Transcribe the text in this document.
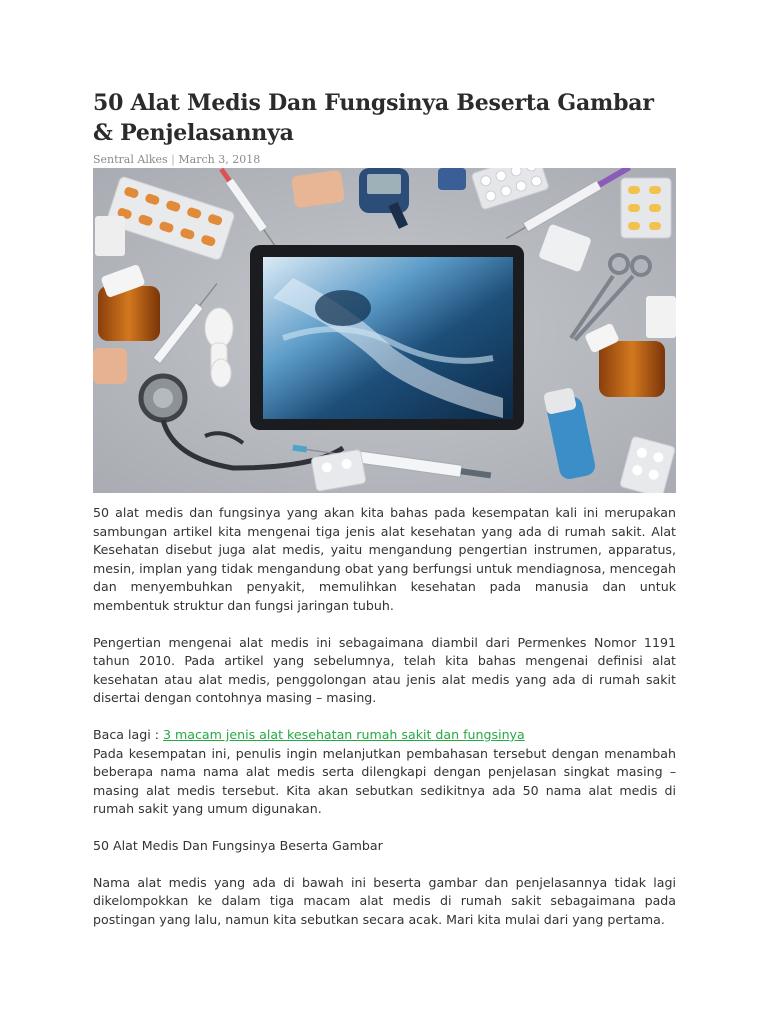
50 Alat Medis Dan Fungsinya Beserta Gambar & Penjelasannya
Sentral Alkes | March 3, 2018

50 alat medis dan fungsinya yang akan kita bahas pada kesempatan kali ini merupakan sambungan artikel kita mengenai tiga jenis alat kesehatan yang ada di rumah sakit. Alat Kesehatan disebut juga alat medis, yaitu mengandung pengertian instrumen, apparatus, mesin, implan yang tidak mengandung obat yang berfungsi untuk mendiagnosa, mencegah dan menyembuhkan penyakit, memulihkan kesehatan pada manusia dan untuk membentuk struktur dan fungsi jaringan tubuh.

Pengertian mengenai alat medis ini sebagaimana diambil dari Permenkes Nomor 1191 tahun 2010. Pada artikel yang sebelumnya, telah kita bahas mengenai definisi alat kesehatan atau alat medis, penggolongan atau jenis alat medis yang ada di rumah sakit disertai dengan contohnya masing – masing.

Baca lagi : 3 macam jenis alat kesehatan rumah sakit dan fungsinya

Pada kesempatan ini, penulis ingin melanjutkan pembahasan tersebut dengan menambah beberapa nama nama alat medis serta dilengkapi dengan penjelasan singkat masing – masing alat medis tersebut. Kita akan sebutkan sedikitnya ada 50 nama alat medis di rumah sakit yang umum digunakan.

50 Alat Medis Dan Fungsinya Beserta Gambar

Nama alat medis yang ada di bawah ini beserta gambar dan penjelasannya tidak lagi dikelompokkan ke dalam tiga macam alat medis di rumah sakit sebagaimana pada postingan yang lalu, namun kita sebutkan secara acak. Mari kita mulai dari yang pertama.
